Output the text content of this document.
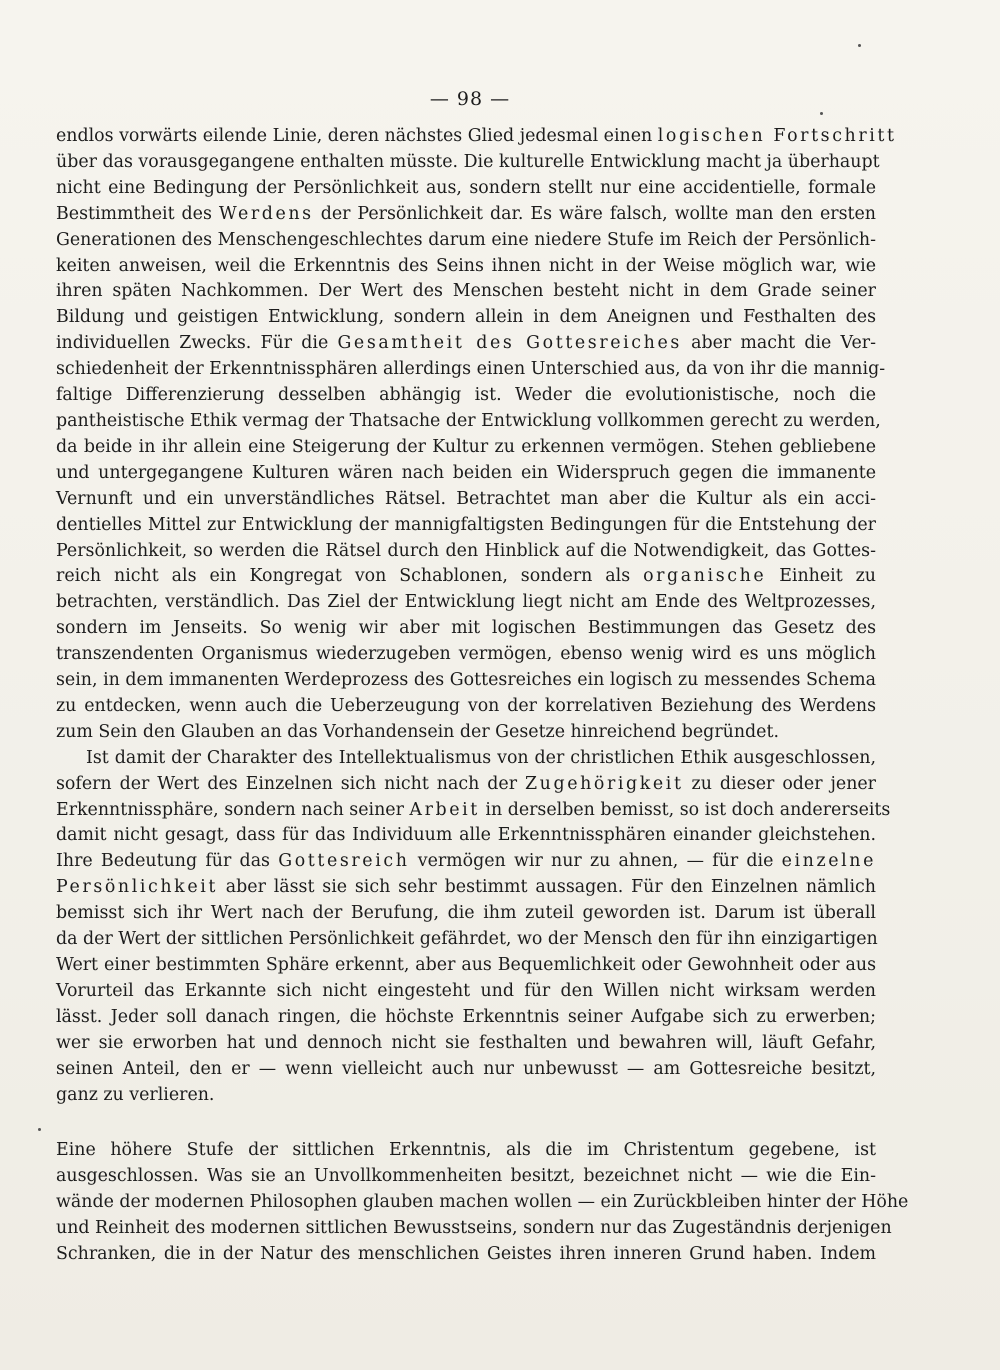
— 98 —
endlos vorwärts eilende Linie, deren nächstes Glied jedesmal einen logischen Fortschritt
über das vorausgegangene enthalten müsste. Die kulturelle Entwicklung macht ja überhaupt
nicht eine Bedingung der Persönlichkeit aus, sondern stellt nur eine accidentielle, formale
Bestimmtheit des Werdens der Persönlichkeit dar. Es wäre falsch, wollte man den ersten
Generationen des Menschengeschlechtes darum eine niedere Stufe im Reich der Persönlich-
keiten anweisen, weil die Erkenntnis des Seins ihnen nicht in der Weise möglich war, wie
ihren späten Nachkommen. Der Wert des Menschen besteht nicht in dem Grade seiner
Bildung und geistigen Entwicklung, sondern allein in dem Aneignen und Festhalten des
individuellen Zwecks. Für die Gesamtheit des Gottesreiches aber macht die Ver-
schiedenheit der Erkenntnissphären allerdings einen Unterschied aus, da von ihr die mannig-
faltige Differenzierung desselben abhängig ist. Weder die evolutionistische, noch die
pantheistische Ethik vermag der Thatsache der Entwicklung vollkommen gerecht zu werden,
da beide in ihr allein eine Steigerung der Kultur zu erkennen vermögen. Stehen gebliebene
und untergegangene Kulturen wären nach beiden ein Widerspruch gegen die immanente
Vernunft und ein unverständliches Rätsel. Betrachtet man aber die Kultur als ein acci-
dentielles Mittel zur Entwicklung der mannigfaltigsten Bedingungen für die Entstehung der
Persönlichkeit, so werden die Rätsel durch den Hinblick auf die Notwendigkeit, das Gottes-
reich nicht als ein Kongregat von Schablonen, sondern als organische Einheit zu
betrachten, verständlich. Das Ziel der Entwicklung liegt nicht am Ende des Weltprozesses,
sondern im Jenseits. So wenig wir aber mit logischen Bestimmungen das Gesetz des
transzendenten Organismus wiederzugeben vermögen, ebenso wenig wird es uns möglich
sein, in dem immanenten Werdeprozess des Gottesreiches ein logisch zu messendes Schema
zu entdecken, wenn auch die Ueberzeugung von der korrelativen Beziehung des Werdens
zum Sein den Glauben an das Vorhandensein der Gesetze hinreichend begründet.
Ist damit der Charakter des Intellektualismus von der christlichen Ethik ausgeschlossen,
sofern der Wert des Einzelnen sich nicht nach der Zugehörigkeit zu dieser oder jener
Erkenntnissphäre, sondern nach seiner Arbeit in derselben bemisst, so ist doch andererseits
damit nicht gesagt, dass für das Individuum alle Erkenntnissphären einander gleichstehen.
Ihre Bedeutung für das Gottesreich vermögen wir nur zu ahnen, — für die einzelne
Persönlichkeit aber lässt sie sich sehr bestimmt aussagen. Für den Einzelnen nämlich
bemisst sich ihr Wert nach der Berufung, die ihm zuteil geworden ist. Darum ist überall
da der Wert der sittlichen Persönlichkeit gefährdet, wo der Mensch den für ihn einzigartigen
Wert einer bestimmten Sphäre erkennt, aber aus Bequemlichkeit oder Gewohnheit oder aus
Vorurteil das Erkannte sich nicht eingesteht und für den Willen nicht wirksam werden
lässt. Jeder soll danach ringen, die höchste Erkenntnis seiner Aufgabe sich zu erwerben;
wer sie erworben hat und dennoch nicht sie festhalten und bewahren will, läuft Gefahr,
seinen Anteil, den er — wenn vielleicht auch nur unbewusst — am Gottesreiche besitzt,
ganz zu verlieren.
Eine höhere Stufe der sittlichen Erkenntnis, als die im Christentum gegebene, ist
ausgeschlossen. Was sie an Unvollkommenheiten besitzt, bezeichnet nicht — wie die Ein-
wände der modernen Philosophen glauben machen wollen — ein Zurückbleiben hinter der Höhe
und Reinheit des modernen sittlichen Bewusstseins, sondern nur das Zugeständnis derjenigen
Schranken, die in der Natur des menschlichen Geistes ihren inneren Grund haben. Indem
